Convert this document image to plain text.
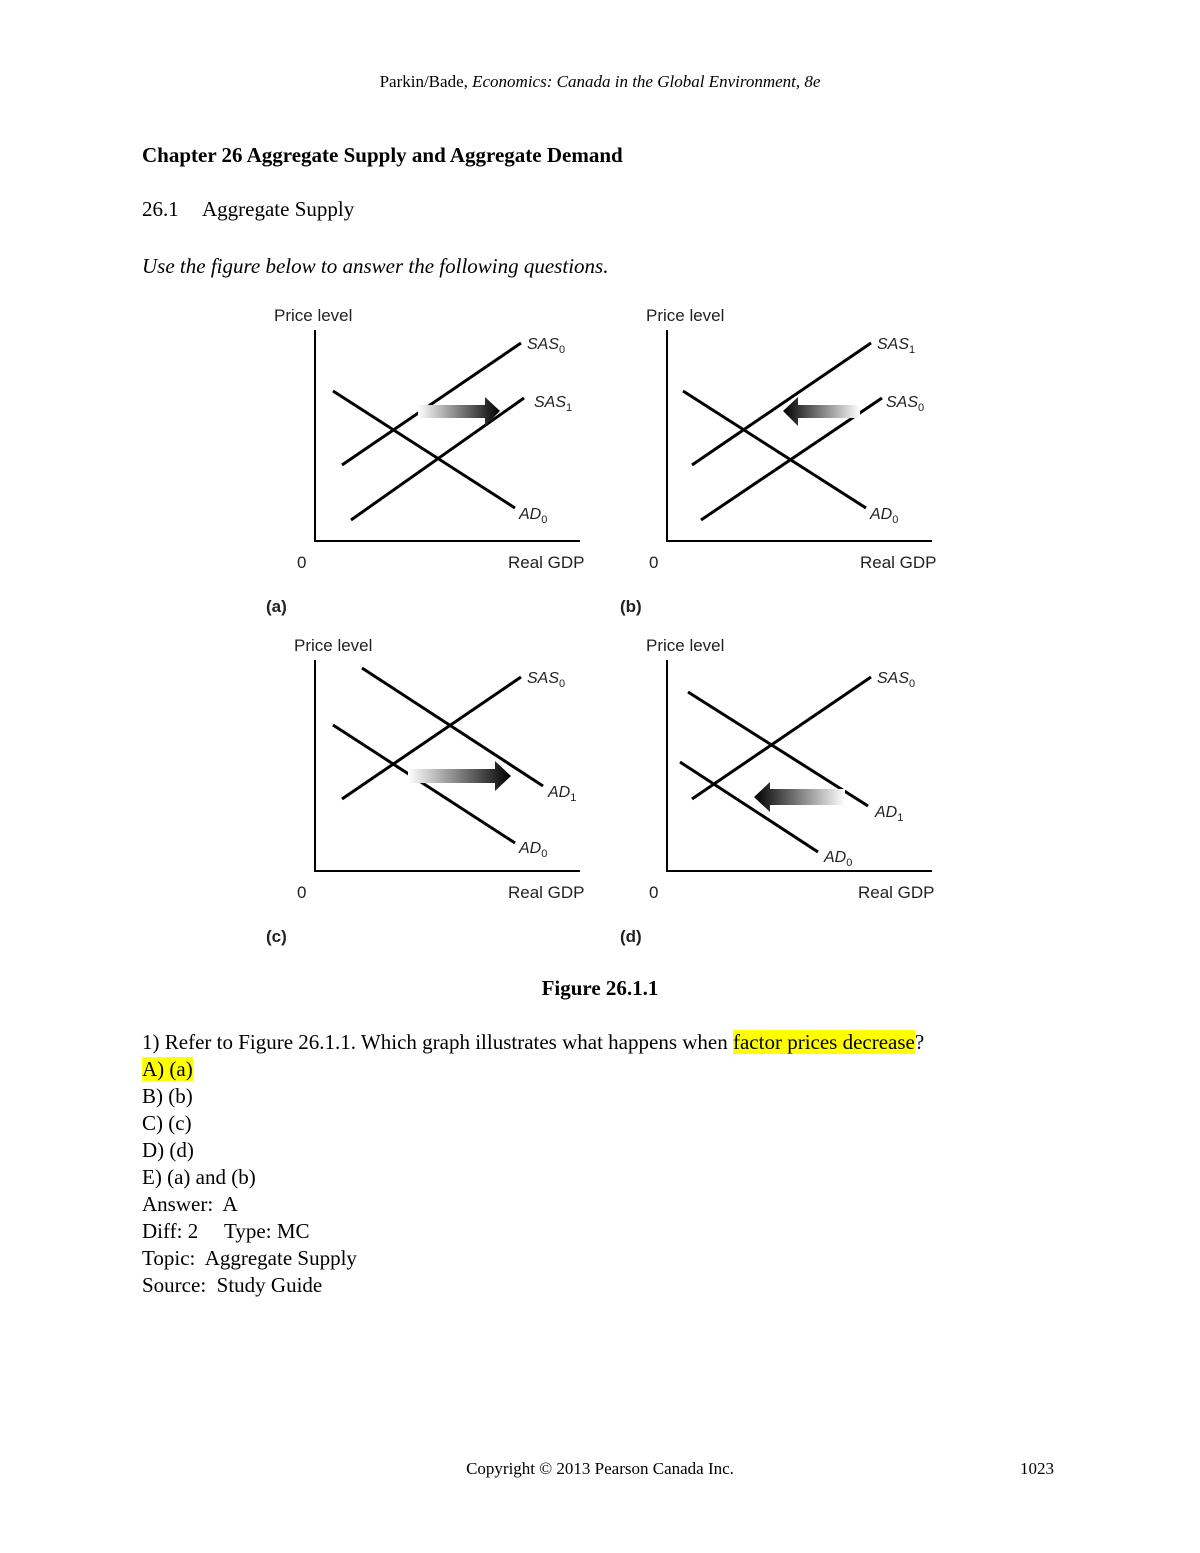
Parkin/Bade, Economics: Canada in the Global Environment, 8e
Chapter 26 Aggregate Supply and Aggregate Demand
26.1 Aggregate Supply
Use the figure below to answer the following questions.
Price level
0	Real GDP
$SAS_0$
$SAS_1$
$AD_0$
(a)
Price level
0	Real GDP
$SAS_1$
$SAS_0$
$AD_0$
(b)
Price level
0	Real GDP
$SAS_0$
$AD_1$
$AD_0$
(c)
Price level
0	Real GDP
$SAS_0$
$AD_1$
$AD_0$
(d)
Figure 26.1.1
1) Refer to Figure 26.1.1. Which graph illustrates what happens when factor prices decrease?
A) (a)
B) (b)
C) (c)
D) (d)
E) (a) and (b)
Answer:  A
Diff: 2     Type: MC
Topic:  Aggregate Supply
Source:  Study Guide
Copyright © 2013 Pearson Canada Inc.	1023
